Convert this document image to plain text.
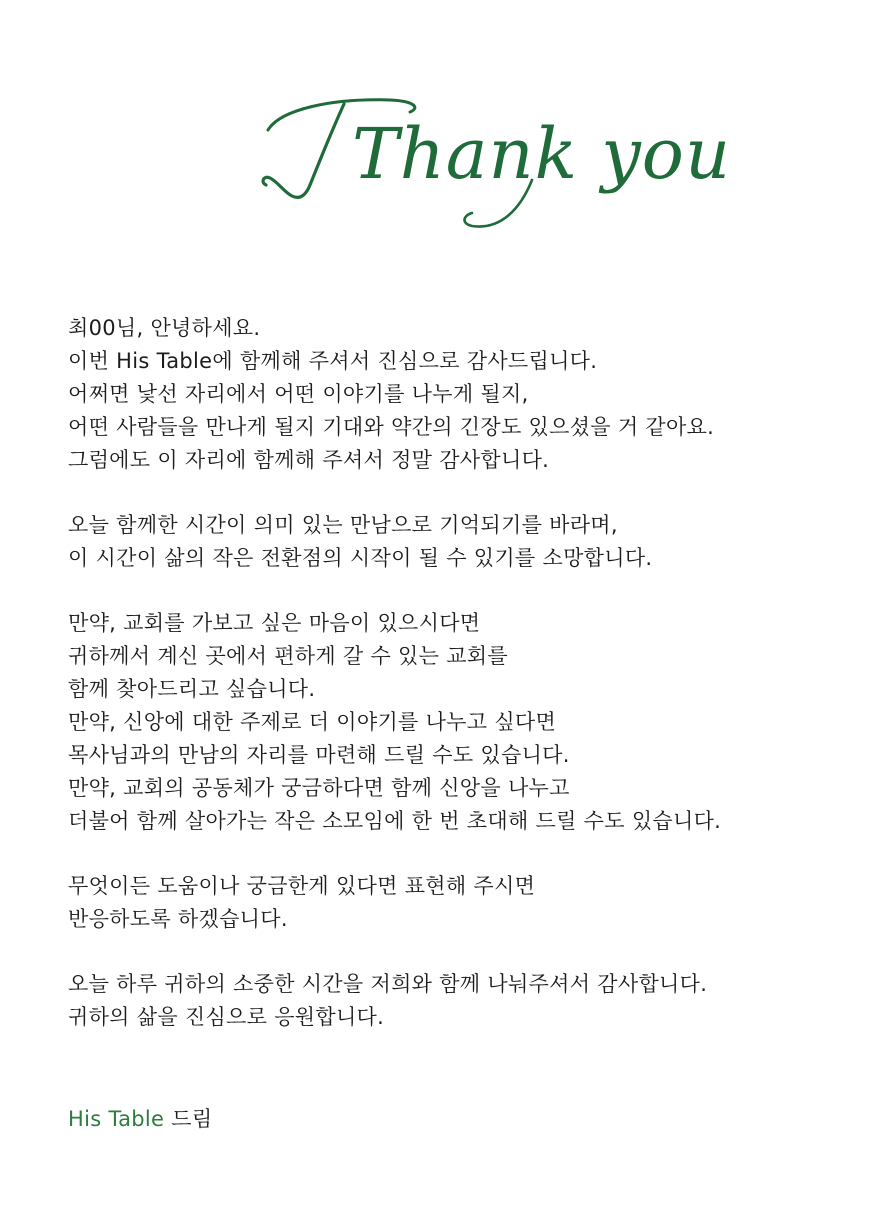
Thank you
최00님, 안녕하세요.
이번 His Table에 함께해 주셔서 진심으로 감사드립니다.
어쩌면 낯선 자리에서 어떤 이야기를 나누게 될지,
어떤 사람들을 만나게 될지 기대와 약간의 긴장도 있으셨을 거 같아요.
그럼에도 이 자리에 함께해 주셔서 정말 감사합니다.
오늘 함께한 시간이 의미 있는 만남으로 기억되기를 바라며,
이 시간이 삶의 작은 전환점의 시작이 될 수 있기를 소망합니다.
만약, 교회를 가보고 싶은 마음이 있으시다면
귀하께서 계신 곳에서 편하게 갈 수 있는 교회를
함께 찾아드리고 싶습니다.
만약, 신앙에 대한 주제로 더 이야기를 나누고 싶다면
목사님과의 만남의 자리를 마련해 드릴 수도 있습니다.
만약, 교회의 공동체가 궁금하다면 함께 신앙을 나누고
더불어 함께 살아가는 작은 소모임에 한 번 초대해 드릴 수도 있습니다.
무엇이든 도움이나 궁금한게 있다면 표현해 주시면
반응하도록 하겠습니다.
오늘 하루 귀하의 소중한 시간을 저희와 함께 나눠주셔서 감사합니다.
귀하의 삶을 진심으로 응원합니다.
His Table 드림
